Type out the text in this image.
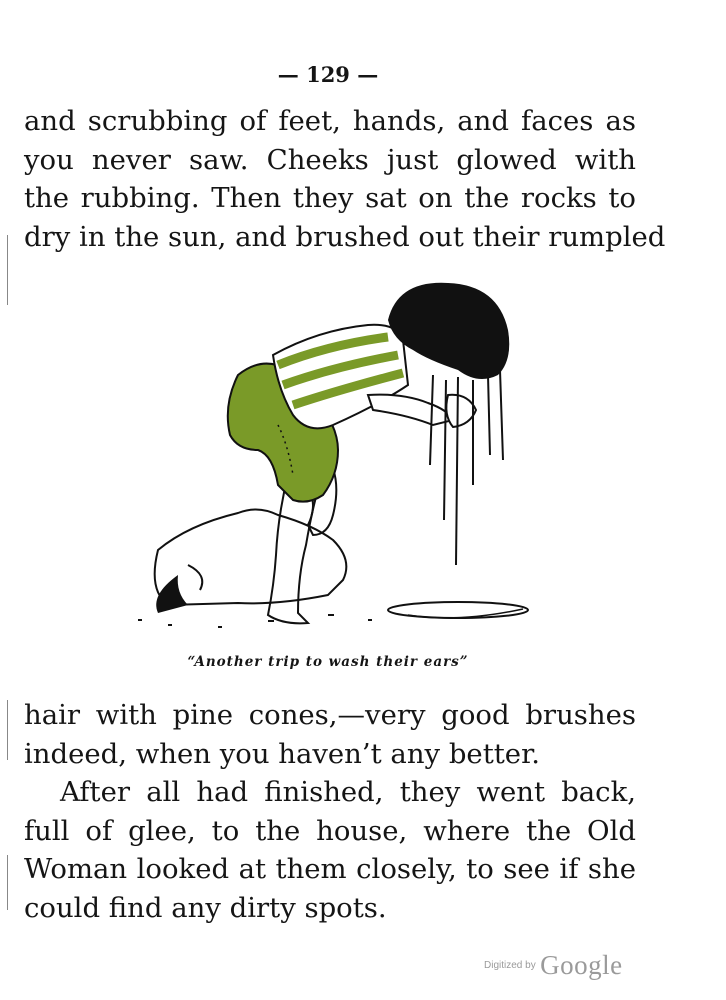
— 129 —
and scrubbing of feet, hands, and faces as
you never saw. Cheeks just glowed with
the rubbing. Then they sat on the rocks to
dry in the sun, and brushed out their rumpled
“Another trip to wash their ears”
hair with pine cones,—very good brushes
indeed, when you haven’t any better.
After all had finished, they went back,
full of glee, to the house, where the Old
Woman looked at them closely, to see if she
could find any dirty spots.
Digitized by Google
